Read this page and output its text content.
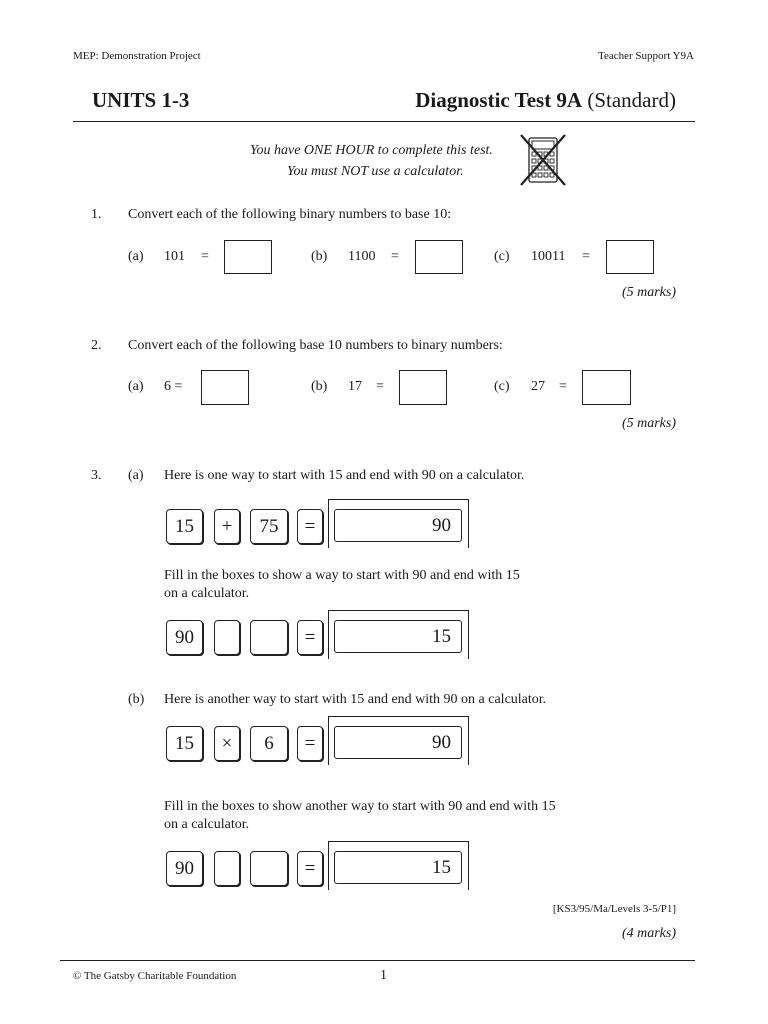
MEP: Demonstration Project	Teacher Support Y9A
UNITS 1-3	Diagnostic Test 9A (Standard)
You have ONE HOUR to complete this test.
You must NOT use a calculator.
1. Convert each of the following binary numbers to base 10:
(a) 101 =	(b) 1100 =	(c) 10011 =
(5 marks)
2. Convert each of the following base 10 numbers to binary numbers:
(a) 6 =	(b) 17 =	(c) 27 =
(5 marks)
3. (a) Here is one way to start with 15 and end with 90 on a calculator.
15	+	75	=	90
Fill in the boxes to show a way to start with 90 and end with 15
on a calculator.
90	=	15
(b) Here is another way to start with 15 and end with 90 on a calculator.
15	×	6	=	90
Fill in the boxes to show another way to start with 90 and end with 15
on a calculator.
90	=	15
[KS3/95/Ma/Levels 3-5/P1]
(4 marks)
© The Gatsby Charitable Foundation	1
